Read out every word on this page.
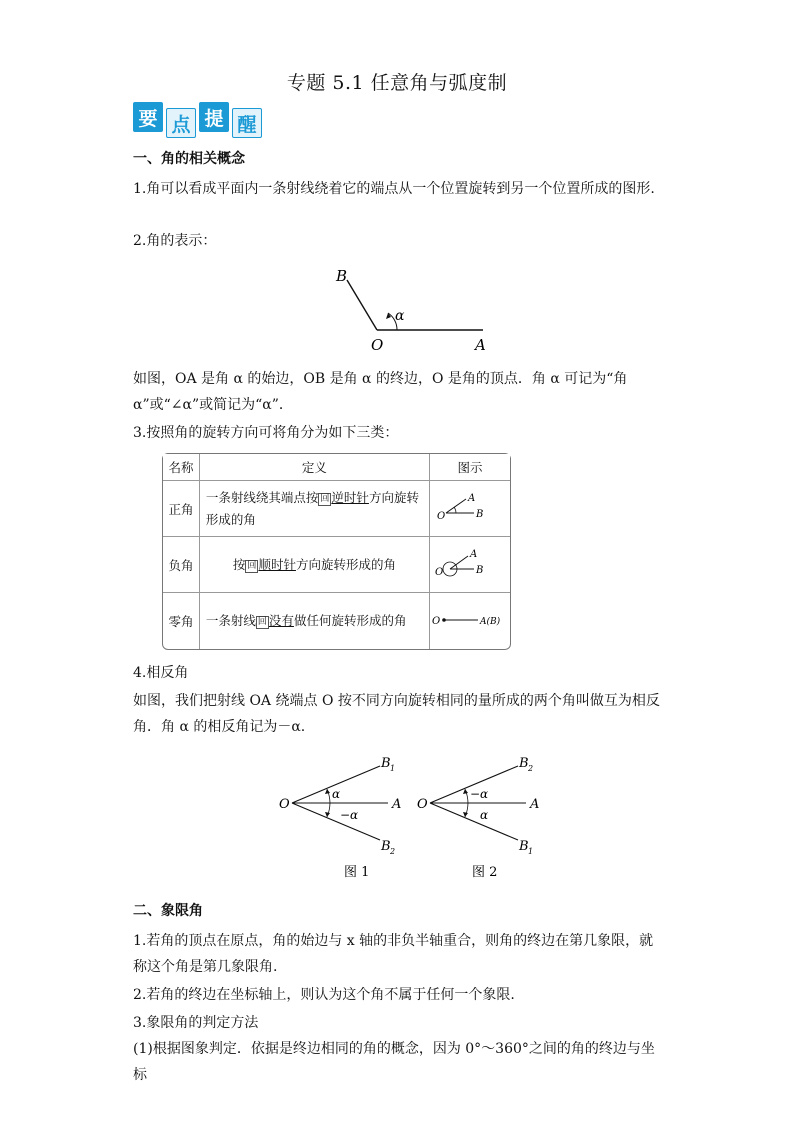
专题 5.1 任意角与弧度制
要 点 提 醒
一、角的相关概念
1.角可以看成平面内一条射线绕着它的端点从一个位置旋转到另一个位置所成的图形.
2.角的表示：
B
O	A
α
如图，OA 是角 α 的始边，OB 是角 α 的终边，O 是角的顶点．角 α 可记为“角 α”或“∠α”或简记为“α”．
3.按照角的旋转方向可将角分为如下三类：
名称	定义	图示
正角	一条射线绕其端点按 回 逆时针方向旋转形成的角	O
A
B

负角	按 回 顺时针方向旋转形成的角	O
A
B

零角	一条射线 回 没有做任何旋转形成的角	O A(B)
4.相反角
如图，我们把射线 OA 绕端点 O 按不同方向旋转相同的量所成的两个角叫做互为相反角．角 α 的相反角记为－α.
O	A
B 1
B 2
α
−α
图 1
O	A
B 2
B 1
−α
α
图 2
二、象限角
1.若角的顶点在原点，角的始边与 x 轴的非负半轴重合，则角的终边在第几象限，就称这个角是第几象限角.
2.若角的终边在坐标轴上，则认为这个角不属于任何一个象限.
3.象限角的判定方法
(1)根据图象判定．依据是终边相同的角的概念，因为 0°～360°之间的角的终边与坐标
